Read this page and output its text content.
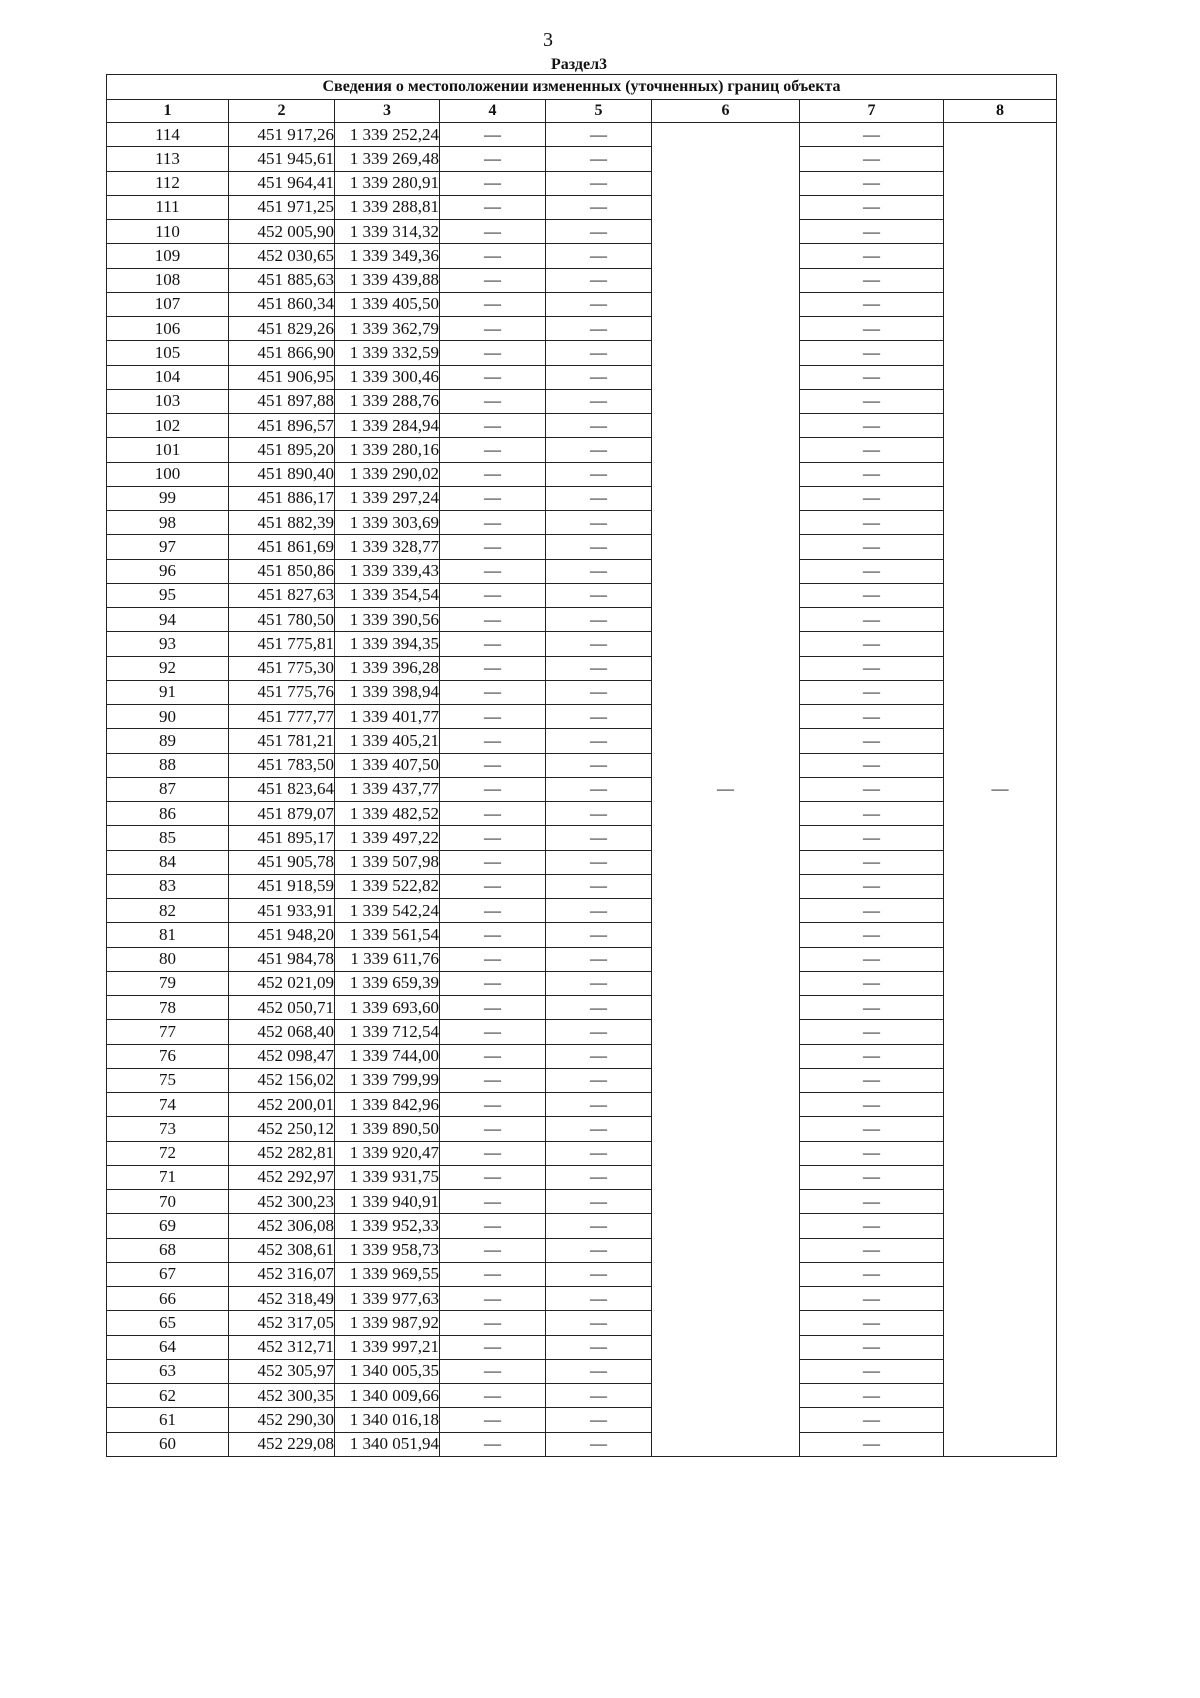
3
Раздел3
Сведения о местоположении измененных (уточненных) границ объекта							
1	2	3	4	5	6	7	8
114	451 917,26	1 339 252,24	—	—	—	—	—
113	451 945,61	1 339 269,48	—	—		—	
112	451 964,41	1 339 280,91	—	—		—	
111	451 971,25	1 339 288,81	—	—		—	
110	452 005,90	1 339 314,32	—	—		—	
109	452 030,65	1 339 349,36	—	—		—	
108	451 885,63	1 339 439,88	—	—		—	
107	451 860,34	1 339 405,50	—	—		—	
106	451 829,26	1 339 362,79	—	—		—	
105	451 866,90	1 339 332,59	—	—		—	
104	451 906,95	1 339 300,46	—	—		—	
103	451 897,88	1 339 288,76	—	—		—	
102	451 896,57	1 339 284,94	—	—		—	
101	451 895,20	1 339 280,16	—	—		—	
100	451 890,40	1 339 290,02	—	—		—	
99	451 886,17	1 339 297,24	—	—		—	
98	451 882,39	1 339 303,69	—	—		—	
97	451 861,69	1 339 328,77	—	—		—	
96	451 850,86	1 339 339,43	—	—		—	
95	451 827,63	1 339 354,54	—	—		—	
94	451 780,50	1 339 390,56	—	—		—	
93	451 775,81	1 339 394,35	—	—		—	
92	451 775,30	1 339 396,28	—	—		—	
91	451 775,76	1 339 398,94	—	—		—	
90	451 777,77	1 339 401,77	—	—		—	
89	451 781,21	1 339 405,21	—	—		—	
88	451 783,50	1 339 407,50	—	—		—	
87	451 823,64	1 339 437,77	—	—		—	
86	451 879,07	1 339 482,52	—	—		—	
85	451 895,17	1 339 497,22	—	—		—	
84	451 905,78	1 339 507,98	—	—		—	
83	451 918,59	1 339 522,82	—	—		—	
82	451 933,91	1 339 542,24	—	—		—	
81	451 948,20	1 339 561,54	—	—		—	
80	451 984,78	1 339 611,76	—	—		—	
79	452 021,09	1 339 659,39	—	—		—	
78	452 050,71	1 339 693,60	—	—		—	
77	452 068,40	1 339 712,54	—	—		—	
76	452 098,47	1 339 744,00	—	—		—	
75	452 156,02	1 339 799,99	—	—		—	
74	452 200,01	1 339 842,96	—	—		—	
73	452 250,12	1 339 890,50	—	—		—	
72	452 282,81	1 339 920,47	—	—		—	
71	452 292,97	1 339 931,75	—	—		—	
70	452 300,23	1 339 940,91	—	—		—	
69	452 306,08	1 339 952,33	—	—		—	
68	452 308,61	1 339 958,73	—	—		—	
67	452 316,07	1 339 969,55	—	—		—	
66	452 318,49	1 339 977,63	—	—		—	
65	452 317,05	1 339 987,92	—	—		—	
64	452 312,71	1 339 997,21	—	—		—	
63	452 305,97	1 340 005,35	—	—		—	
62	452 300,35	1 340 009,66	—	—		—	
61	452 290,30	1 340 016,18	—	—		—	
60	452 229,08	1 340 051,94	—	—		—	
